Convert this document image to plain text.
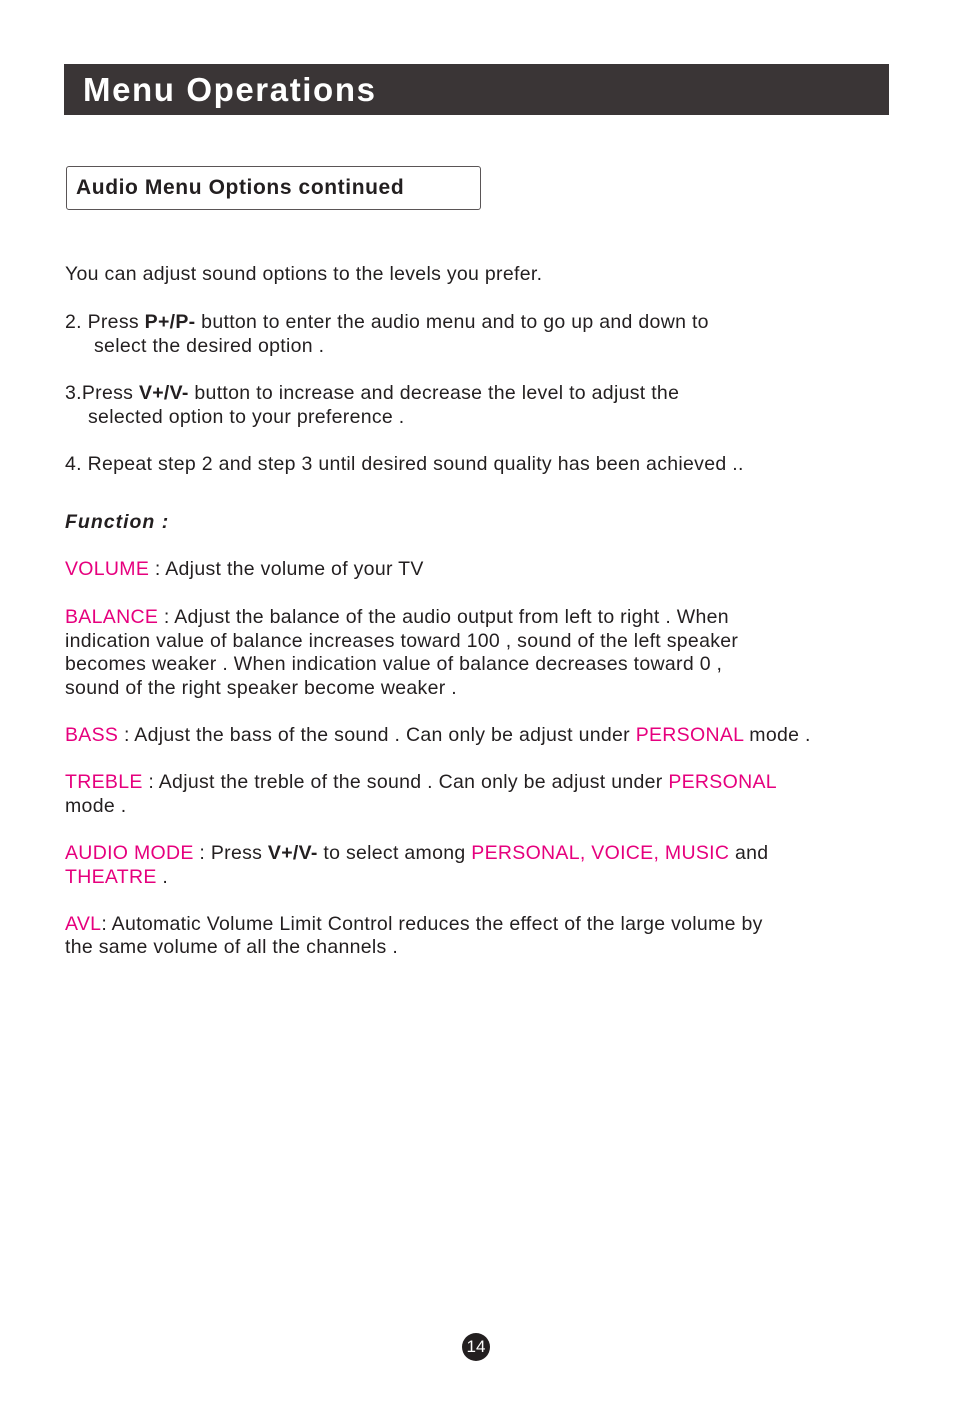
Menu Operations
Audio Menu Options continued
You can adjust sound options to the levels you prefer.
2. Press P+/P- button to enter the audio menu and to go up and down to
select the desired option .
3.Press V+/V- button to increase and decrease the level to adjust the
selected option to your preference .
4. Repeat step 2 and step 3 until desired sound quality has been achieved ..
Function :
VOLUME : Adjust the volume of your TV
BALANCE : Adjust the balance of the audio output from left to right . When
indication value of balance increases toward 100 , sound of the left speaker
becomes weaker . When indication value of balance decreases toward 0 ,
sound of the right speaker become weaker .
BASS : Adjust the bass of the sound . Can only be adjust under PERSONAL mode .
TREBLE : Adjust the treble of the sound . Can only be adjust under PERSONAL
mode .
AUDIO MODE : Press V+/V- to select among PERSONAL, VOICE, MUSIC and
THEATRE .
AVL: Automatic Volume Limit Control reduces the effect of the large volume by
the same volume of all the channels .
14
